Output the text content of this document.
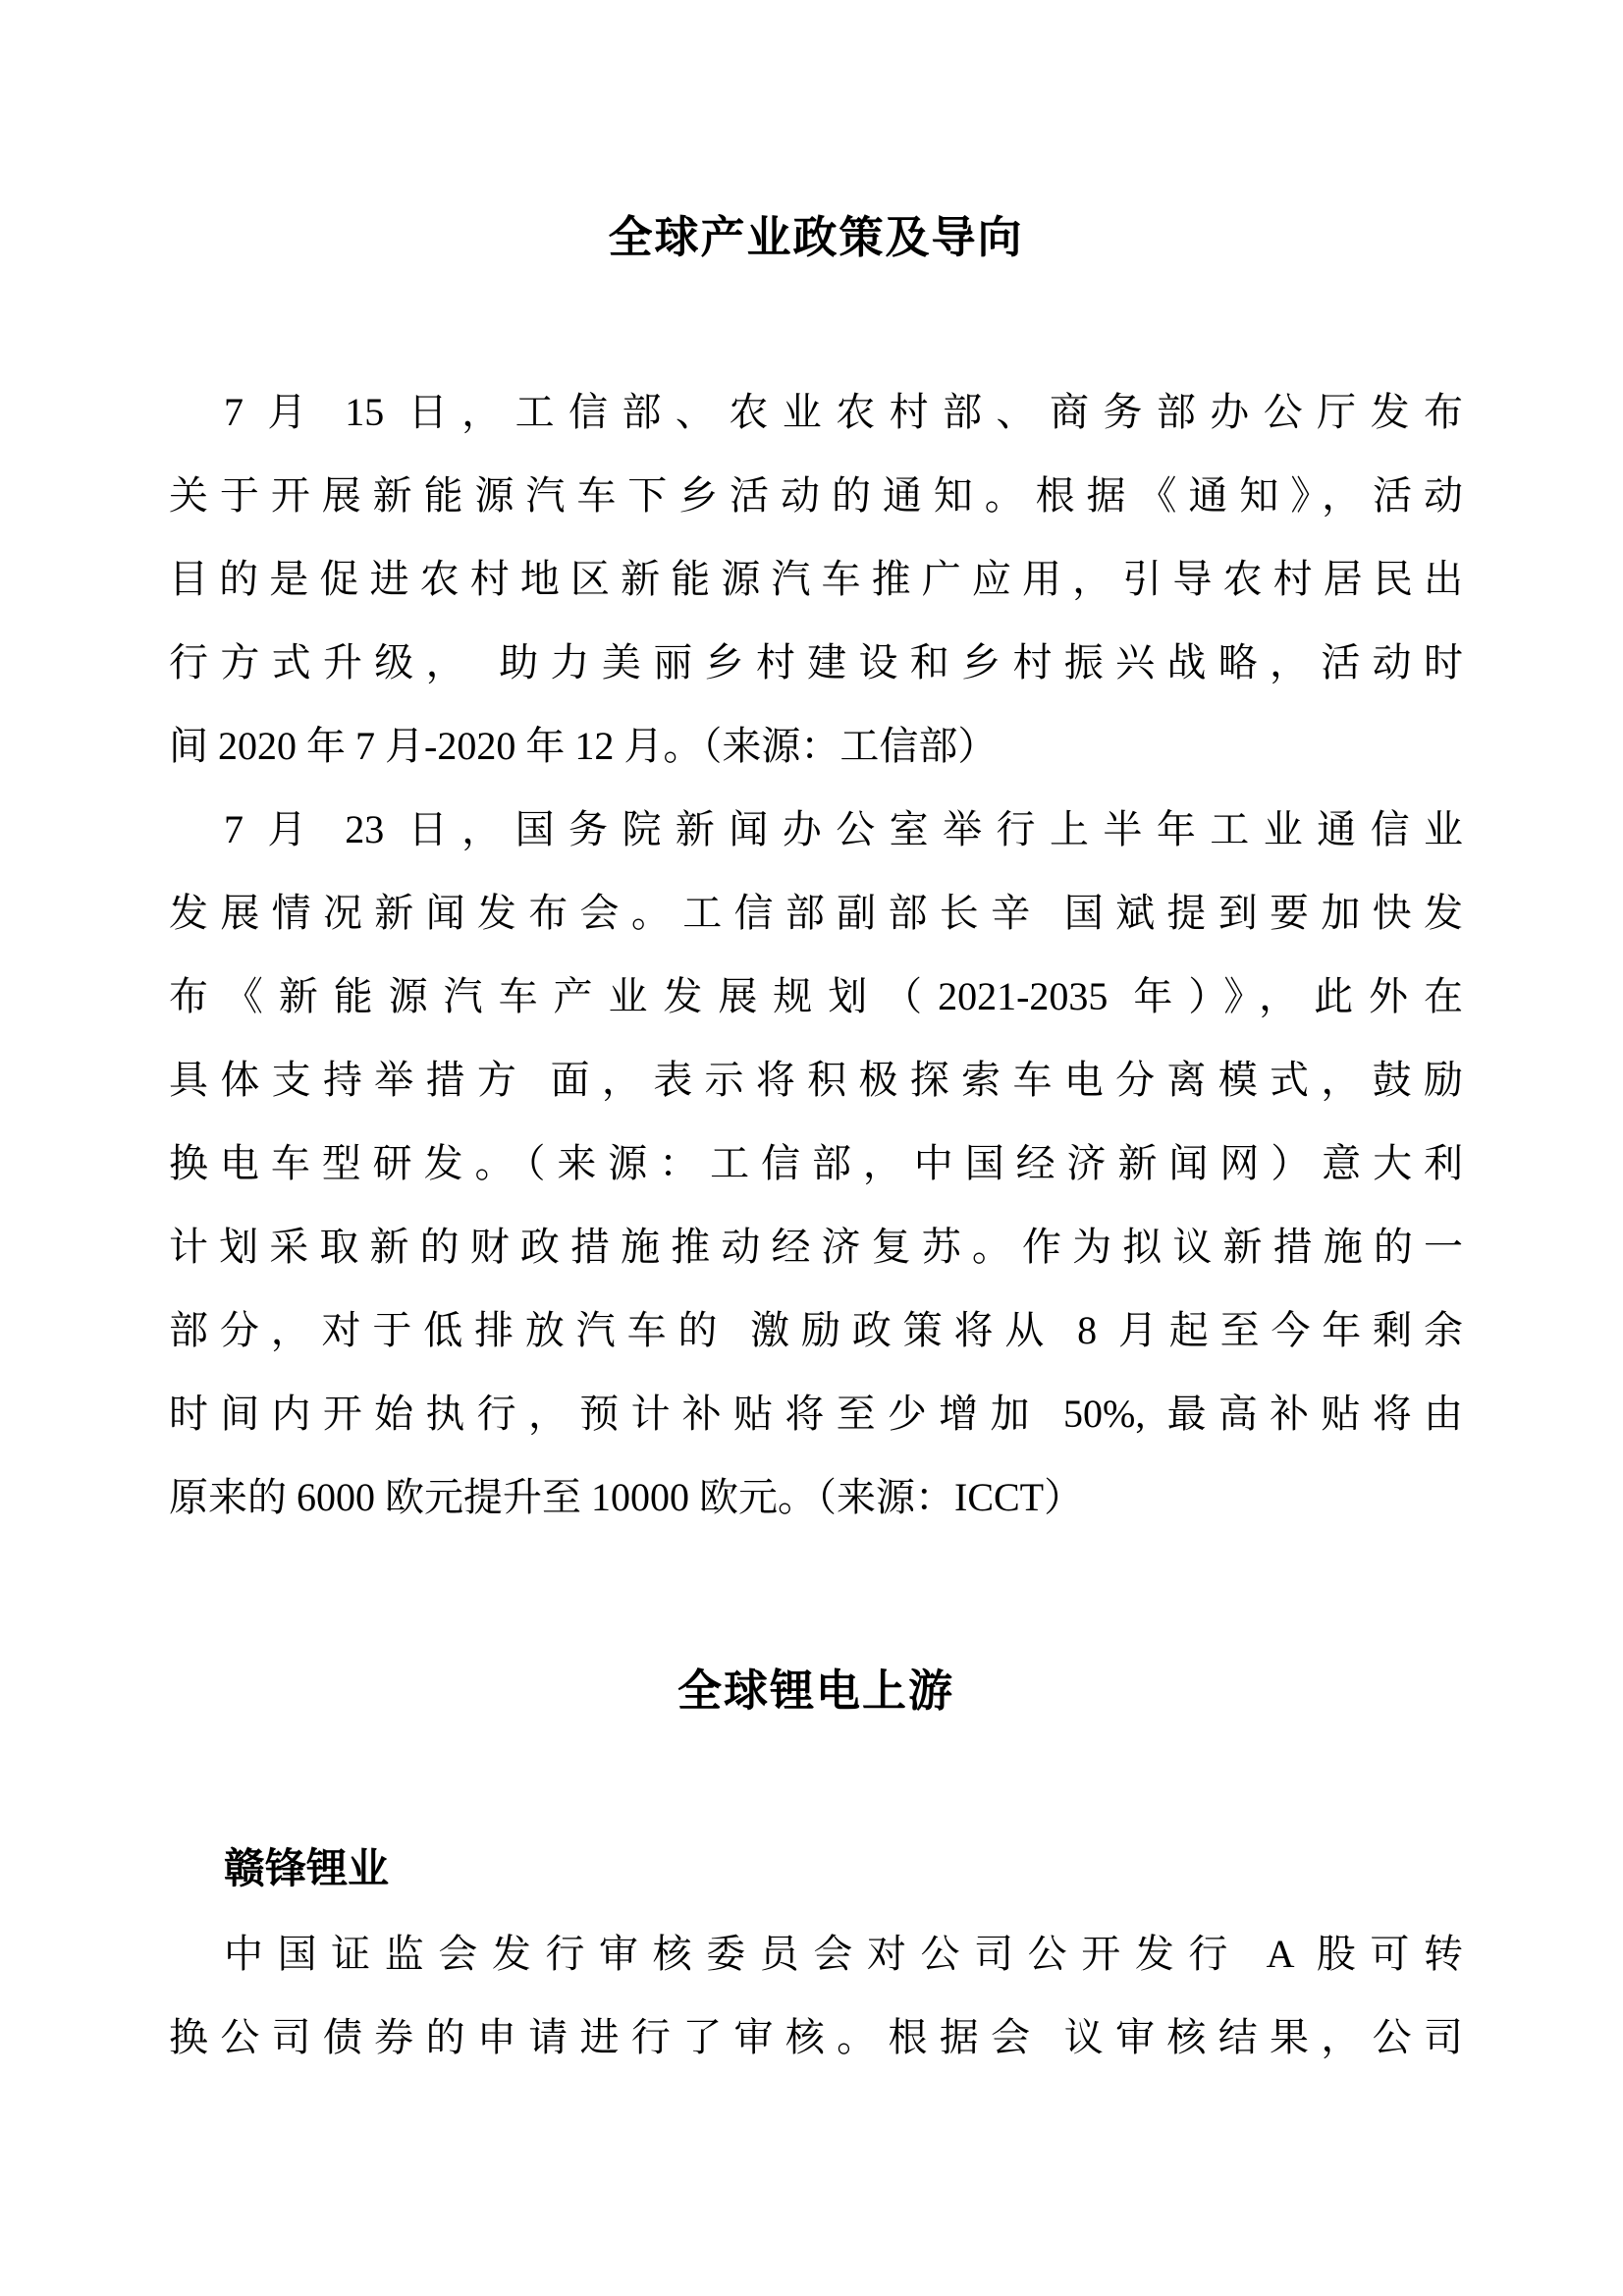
全球产业政策及导向
7 月 15 日，工信部、农业农村部、商务部办公厅发布
关于开展新能源汽车下乡活动的通知。根据《通知》，活动
目的是促进农村地区新能源汽车推广应用，引导农村居民出
行方式升级， 助力美丽乡村建设和乡村振兴战略，活动时
间 2020 年 7 月-2020 年 12 月。（来源：工信部）
7 月 23 日，国务院新闻办公室举行上半年工业通信业
发展情况新闻发布会。工信部副部长辛 国斌提到要加快发
布《新能源汽车产业发展规划（2021-2035 年）》，此外在
具体支持举措方 面，表示将积极探索车电分离模式，鼓励
换电车型研发。（来源：工信部，中国经济新闻网）意大利
计划采取新的财政措施推动经济复苏。作为拟议新措施的一
部分，对于低排放汽车的 激励政策将从 8 月起至今年剩余
时间内开始执行，预计补贴将至少增加 50%, 最高补贴将由
原来的 6000 欧元提升至 10000 欧元。（来源：ICCT）
全球锂电上游
赣锋锂业
中国证监会发行审核委员会对公司公开发行 A 股可转
换公司债券的申请进行了审核。根据会 议审核结果，公司
